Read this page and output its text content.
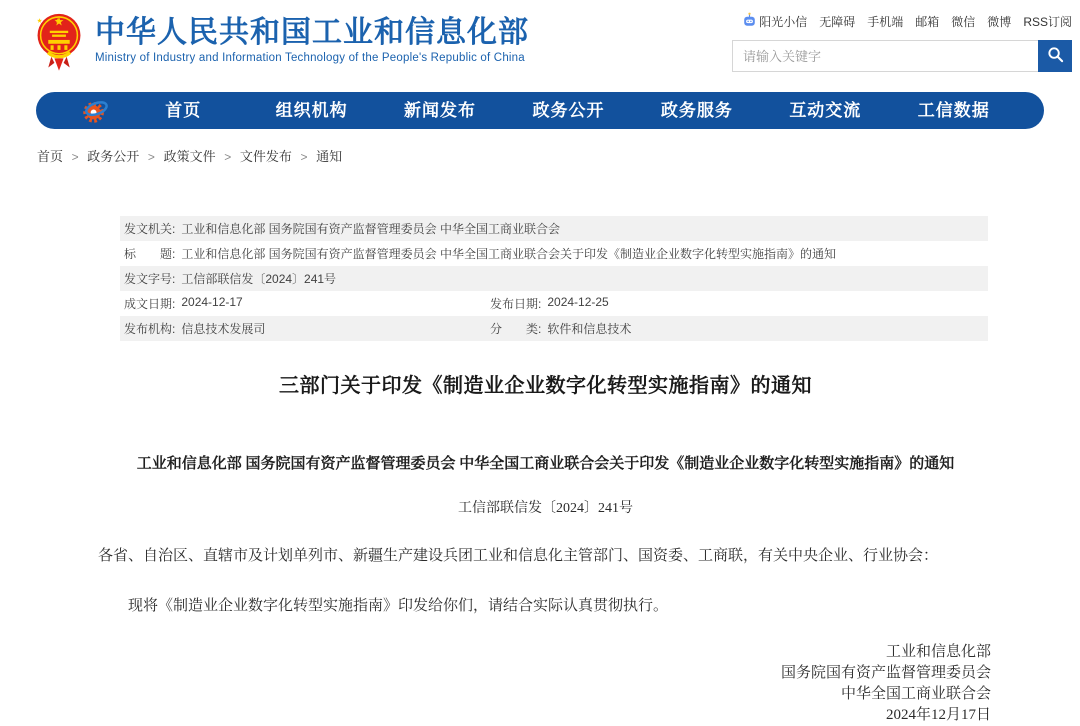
中华人民共和国工业和信息化部
Ministry of Industry and Information Technology of the People's Republic of China
阳光小信 无障碍 手机端 邮箱 微信 微博 RSS订阅
请输入关键字
首页	组织机构	新闻发布	政务公开	政务服务	互动交流	工信数据
首页 > 政务公开 > 政策文件 > 文件发布 > 通知
发文机关: 工业和信息化部 国务院国有资产监督管理委员会 中华全国工商业联合会
标　　题: 工业和信息化部 国务院国有资产监督管理委员会 中华全国工商业联合会关于印发《制造业企业数字化转型实施指南》的通知
发文字号: 工信部联信发〔2024〕241号
成文日期: 2024-12-17	发布日期: 2024-12-25
发布机构: 信息技术发展司	分　　类: 软件和信息技术
三部门关于印发《制造业企业数字化转型实施指南》的通知
工业和信息化部 国务院国有资产监督管理委员会 中华全国工商业联合会关于印发《制造业企业数字化转型实施指南》的通知
工信部联信发〔2024〕241号

各省、自治区、直辖市及计划单列市、新疆生产建设兵团工业和信息化主管部门、国资委、工商联，有关中央企业、行业协会：

现将《制造业企业数字化转型实施指南》印发给你们，请结合实际认真贯彻执行。

工业和信息化部
国务院国有资产监督管理委员会
中华全国工商业联合会
2024年12月17日
